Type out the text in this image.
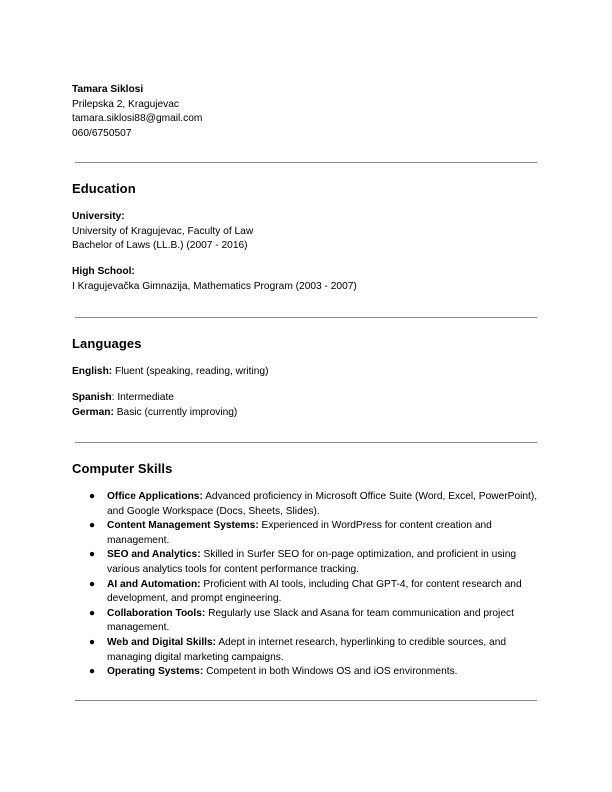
Tamara Siklosi
Prilepska 2, Kragujevac
tamara.siklosi88@gmail.com
060/6750507
Education
University:
University of Kragujevac, Faculty of Law
Bachelor of Laws (LL.B.) (2007 - 2016)
High School:
I Kragujevačka Gimnazija, Mathematics Program (2003 - 2007)
Languages
English: Fluent (speaking, reading, writing)
Spanish: Intermediate
German: Basic (currently improving)
Computer Skills
● Office Applications: Advanced proficiency in Microsoft Office Suite (Word, Excel, PowerPoint), and Google Workspace (Docs, Sheets, Slides).
● Content Management Systems: Experienced in WordPress for content creation and management.
● SEO and Analytics: Skilled in Surfer SEO for on-page optimization, and proficient in using various analytics tools for content performance tracking.
● AI and Automation: Proficient with AI tools, including Chat GPT-4, for content research and development, and prompt engineering.
● Collaboration Tools: Regularly use Slack and Asana for team communication and project management.
● Web and Digital Skills: Adept in internet research, hyperlinking to credible sources, and managing digital marketing campaigns.
● Operating Systems: Competent in both Windows OS and iOS environments.
